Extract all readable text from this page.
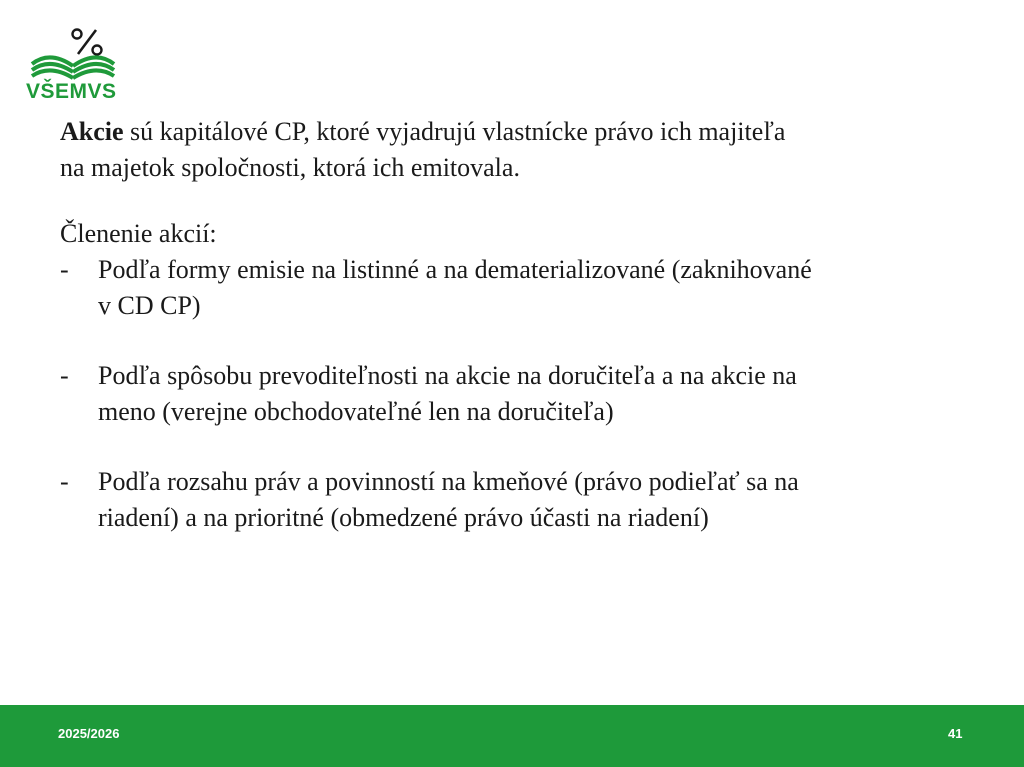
VŠEMVS

Akcie sú kapitálové CP, ktoré vyjadrujú vlastnícke právo ich majiteľa
na majetok spoločnosti, ktorá ich emitovala.

Členenie akcií:

- Podľa formy emisie na listinné a na dematerializované (zaknihované
v CD CP)
- Podľa spôsobu prevoditeľnosti na akcie na doručiteľa a na akcie na
meno (verejne obchodovateľné len na doručiteľa)
- Podľa rozsahu práv a povinností na kmeňové (právo podieľať sa na
riadení) a na prioritné (obmedzené právo účasti na riadení)
2025/2026	41
